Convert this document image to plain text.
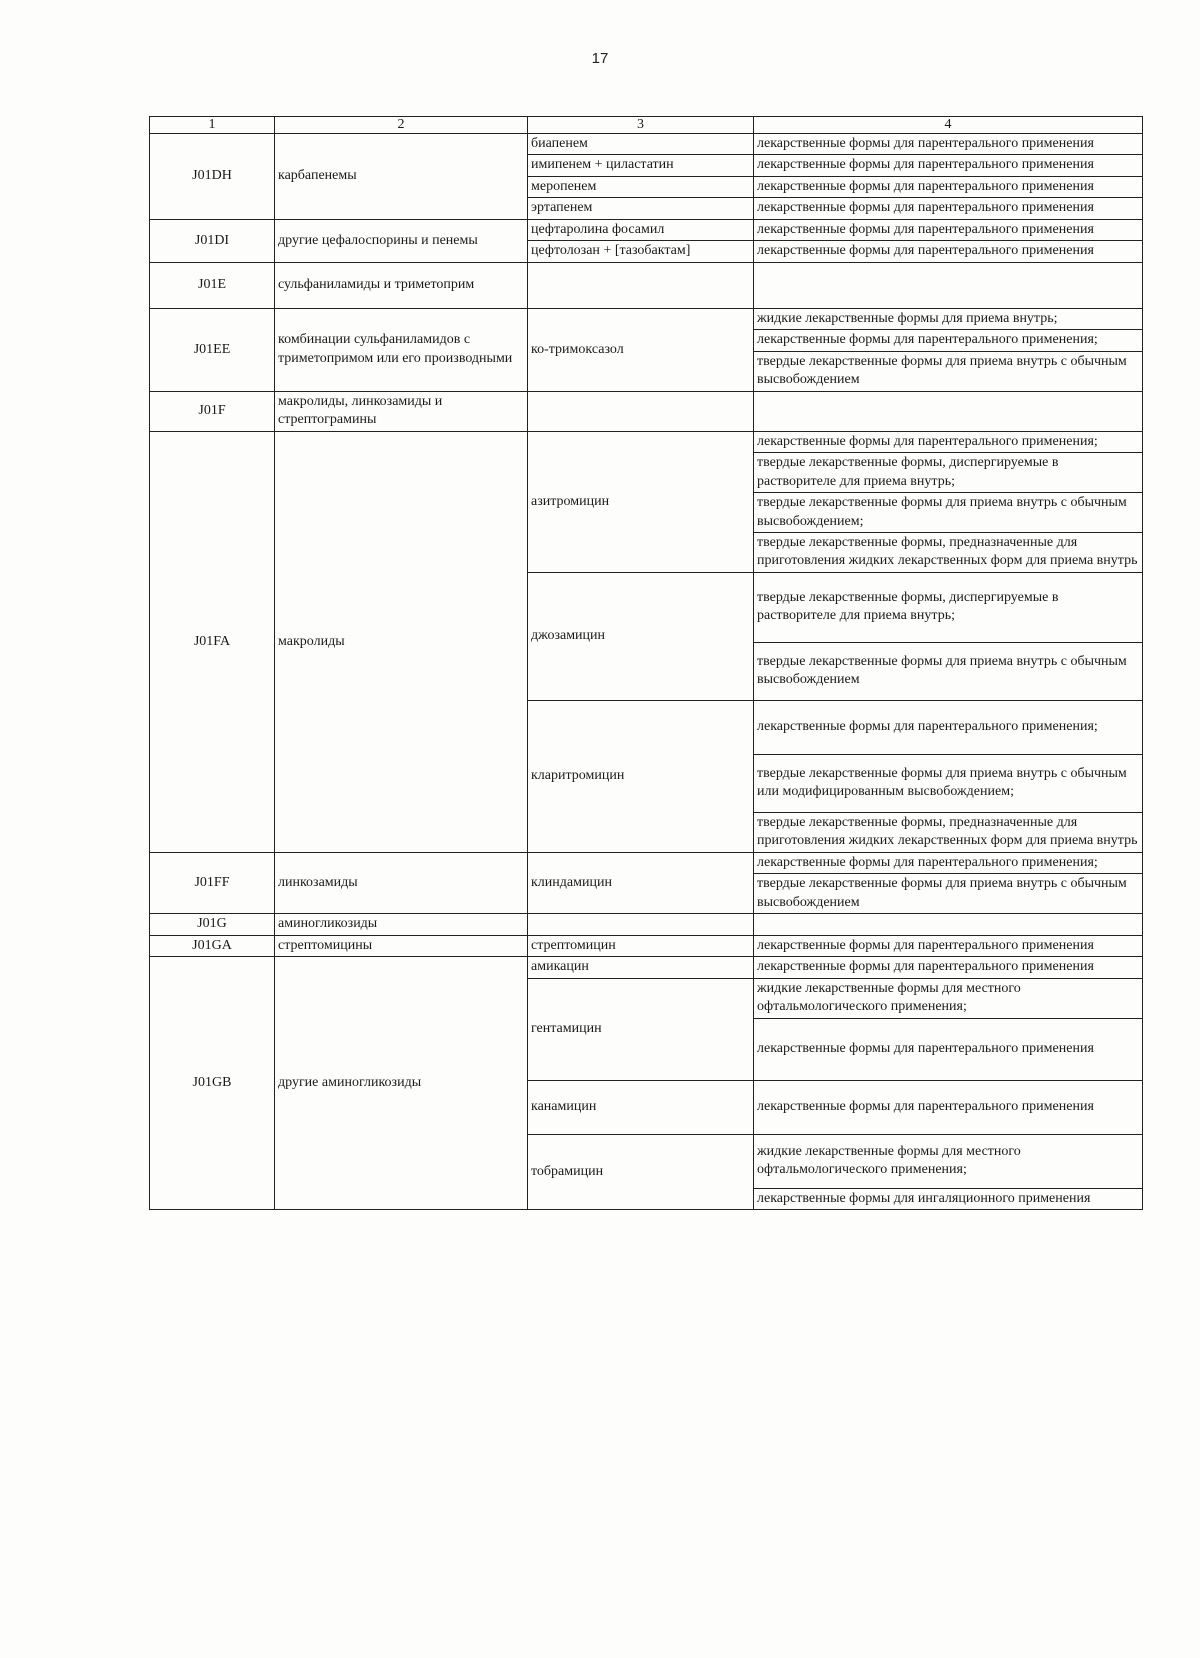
17
1	2	3	4
J01DH	карбапенемы	биапенем	лекарственные формы для парентерального применения
		имипенем + циластатин	лекарственные формы для парентерального применения
		меропенем	лекарственные формы для парентерального применения
		эртапенем	лекарственные формы для парентерального применения
J01DI	другие цефалоспорины и пенемы	цефтаролина фосамил	лекарственные формы для парентерального применения
		цефтолозан + [тазобактам]	лекарственные формы для парентерального применения
J01E	сульфаниламиды и триметоприм		
J01EE	комбинации сульфаниламидов с триметопримом или его производными	ко-тримоксазол	жидкие лекарственные формы для приема внутрь;
			лекарственные формы для парентерального применения;
			твердые лекарственные формы для приема внутрь с обычным высвобождением
J01F	макролиды, линкозамиды и стрептограмины		
J01FA	макролиды	азитромицин	лекарственные формы для парентерального применения;
			твердые лекарственные формы, диспергируемые в растворителе для приема внутрь;
			твердые лекарственные формы для приема внутрь с обычным высвобождением;
			твердые лекарственные формы, предназначенные для приготовления жидких лекарственных форм для приема внутрь
		джозамицин	твердые лекарственные формы, диспергируемые в растворителе для приема внутрь;
			твердые лекарственные формы для приема внутрь с обычным высвобождением
		кларитромицин	лекарственные формы для парентерального применения;
			твердые лекарственные формы для приема внутрь с обычным или модифицированным высвобождением;
			твердые лекарственные формы, предназначенные для приготовления жидких лекарственных форм для приема внутрь
J01FF	линкозамиды	клиндамицин	лекарственные формы для парентерального применения;
			твердые лекарственные формы для приема внутрь с обычным высвобождением
J01G	аминогликозиды		
J01GA	стрептомицины	стрептомицин	лекарственные формы для парентерального применения
J01GB	другие аминогликозиды	амикацин	лекарственные формы для парентерального применения
		гентамицин	жидкие лекарственные формы для местного офтальмологического применения;
			лекарственные формы для парентерального применения
		канамицин	лекарственные формы для парентерального применения
		тобрамицин	жидкие лекарственные формы для местного офтальмологического применения;
			лекарственные формы для ингаляционного применения
